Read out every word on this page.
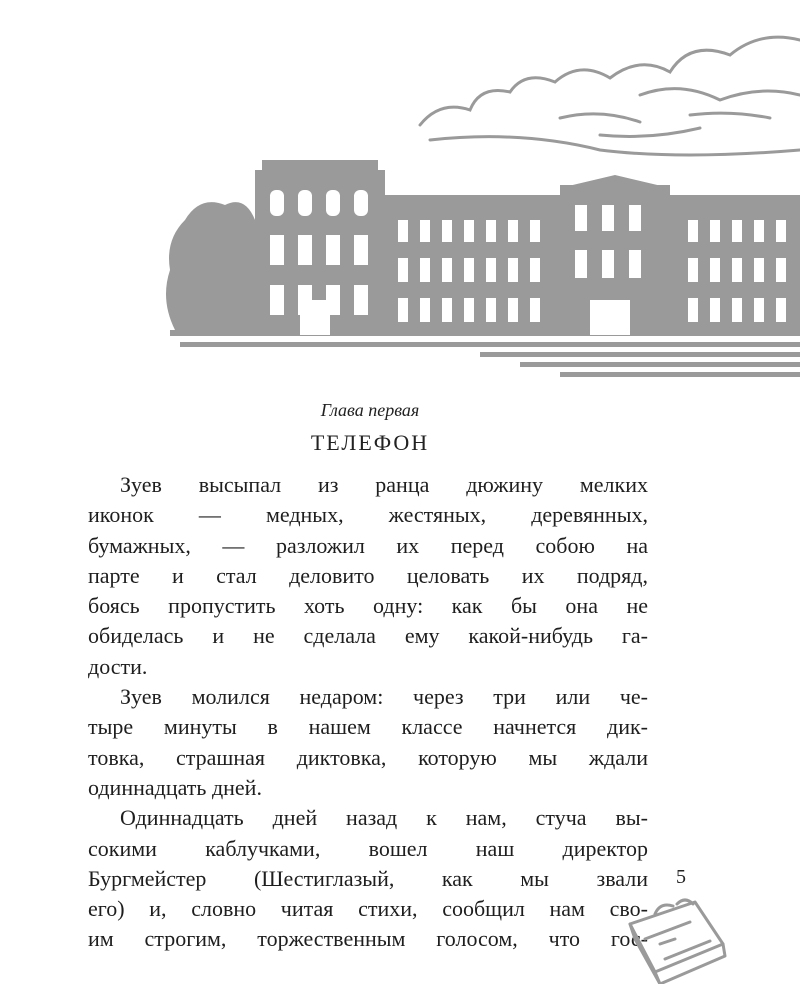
Глава первая
ТЕЛЕФОН
Зуев высыпал из ранца дюжину мелких
иконок — медных, жестяных, деревянных,
бумажных, — разложил их перед собою на
парте и стал деловито целовать их подряд,
боясь пропустить хоть одну: как бы она не
обиделась и не сделала ему какой-нибудь га-
дости.
Зуев молился недаром: через три или че-
тыре минуты в нашем классе начнется дик-
товка, страшная диктовка, которую мы ждали
одиннадцать дней.
Одиннадцать дней назад к нам, стуча вы-
сокими каблучками, вошел наш директор
Бургмейстер (Шестиглазый, как мы звали
его) и, словно читая стихи, сообщил нам сво-
им строгим, торжественным голосом, что гос-
5
